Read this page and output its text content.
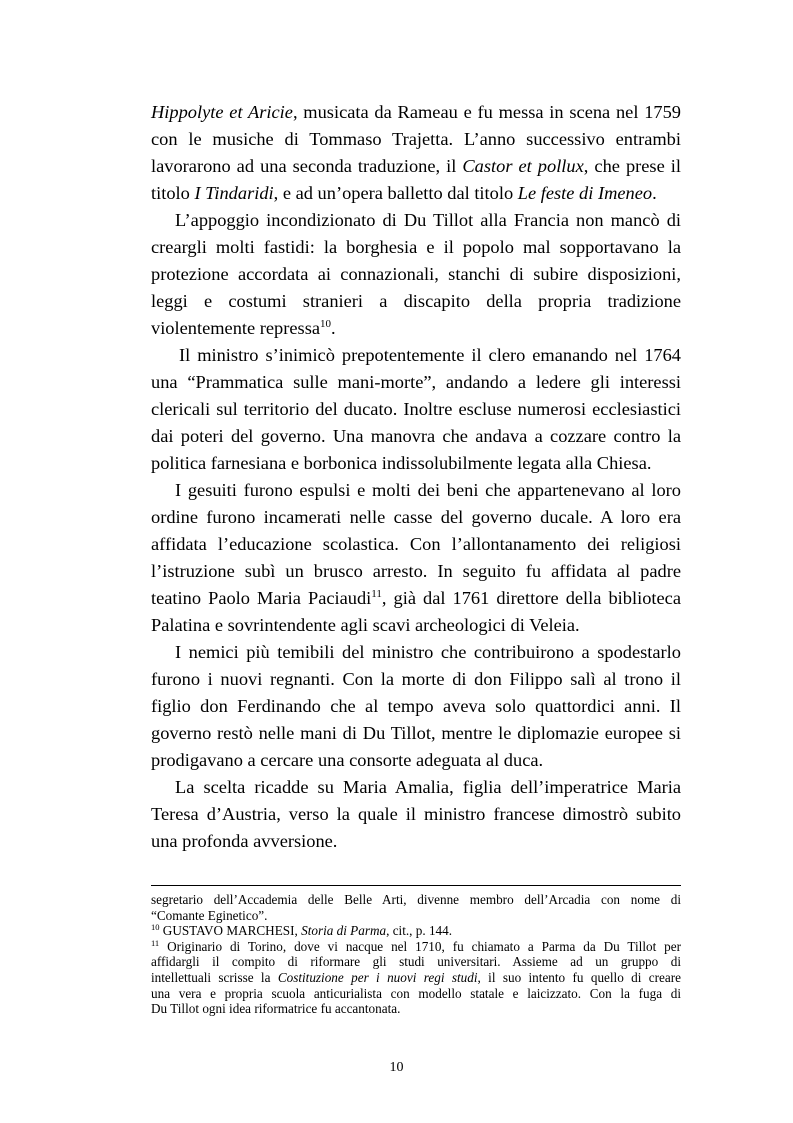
Hippolyte et Aricie, musicata da Rameau e fu messa in scena nel 1759
con le musiche di Tommaso Trajetta. L’anno successivo entrambi
lavorarono ad una seconda traduzione, il Castor et pollux, che prese il
titolo I Tindaridi, e ad un’opera balletto dal titolo Le feste di Imeneo.

L’appoggio incondizionato di Du Tillot alla Francia non mancò di
creargli molti fastidi: la borghesia e il popolo mal sopportavano la
protezione accordata ai connazionali, stanchi di subire disposizioni,
leggi e costumi stranieri a discapito della propria tradizione
violentemente repressa$^{10}$.

Il ministro s’inimicò prepotentemente il clero emanando nel 1764
una “Prammatica sulle mani-morte”, andando a ledere gli interessi
clericali sul territorio del ducato. Inoltre escluse numerosi ecclesiastici
dai poteri del governo. Una manovra che andava a cozzare contro la
politica farnesiana e borbonica indissolubilmente legata alla Chiesa.

I gesuiti furono espulsi e molti dei beni che appartenevano al loro
ordine furono incamerati nelle casse del governo ducale. A loro era
affidata l’educazione scolastica. Con l’allontanamento dei religiosi
l’istruzione subì un brusco arresto. In seguito fu affidata al padre
teatino Paolo Maria Paciaudi$^{11}$, già dal 1761 direttore della biblioteca
Palatina e sovrintendente agli scavi archeologici di Veleia.

I nemici più temibili del ministro che contribuirono a spodestarlo
furono i nuovi regnanti. Con la morte di don Filippo salì al trono il
figlio don Ferdinando che al tempo aveva solo quattordici anni. Il
governo restò nelle mani di Du Tillot, mentre le diplomazie europee si
prodigavano a cercare una consorte adeguata al duca.

La scelta ricadde su Maria Amalia, figlia dell’imperatrice Maria
Teresa d’Austria, verso la quale il ministro francese dimostrò subito
una profonda avversione.

segretario dell’Accademia delle Belle Arti, divenne membro dell’Arcadia con nome di
“Comante Eginetico”.
$^{10}$ GUSTAVO MARCHESI, Storia di Parma, cit., p. 144.
$^{11}$ Originario di Torino, dove vi nacque nel 1710, fu chiamato a Parma da Du Tillot per
affidargli il compito di riformare gli studi universitari. Assieme ad un gruppo di
intellettuali scrisse la Costituzione per i nuovi regi studi, il suo intento fu quello di creare
una vera e propria scuola anticurialista con modello statale e laicizzato. Con la fuga di
Du Tillot ogni idea riformatrice fu accantonata.
10
